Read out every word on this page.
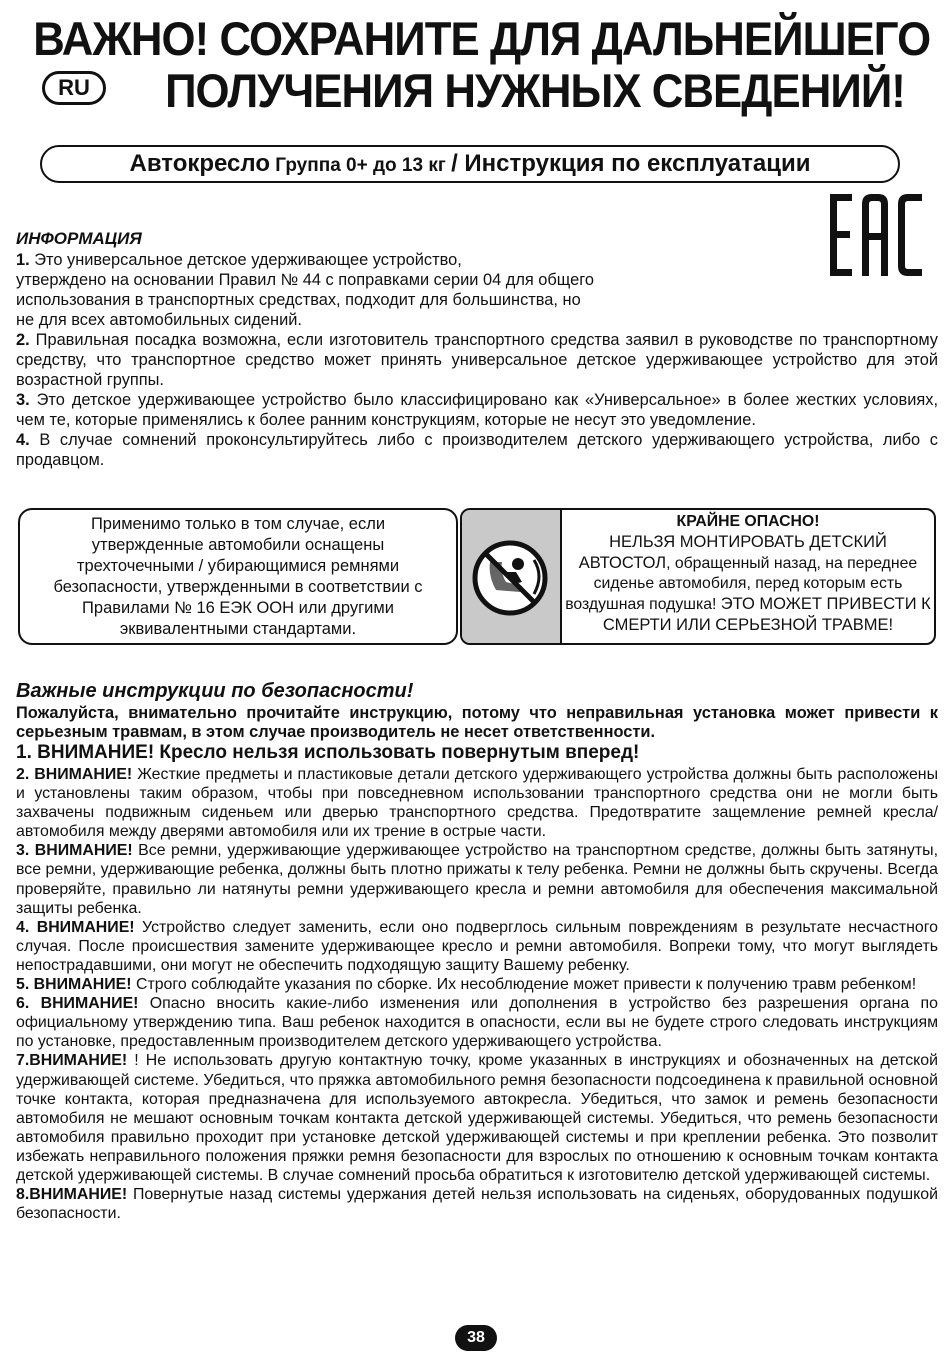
ВАЖНО! СОХРАНИТЕ ДЛЯ ДАЛЬНЕЙШЕГО
ПОЛУЧЕНИЯ НУЖНЫХ СВЕДЕНИЙ!
RU
Автокресло Группа 0+ до 13 кг / Инструкция по експлуатации
ИНФОРМАЦИЯ
1. Это универсальное детское удерживающее устройство,
утверждено на основании Правил № 44 с поправками серии 04 для общего использования в транспортных средствах, подходит для большинства, но не для всех автомобильных сидений.
2. Правильная посадка возможна, если изготовитель транспортного средства заявил в руководстве по транспортному средству, что транспортное средство может принять универсальное детское удерживающее устройство для этой возрастной группы.
3. Это детское удерживающее устройство было классифицировано как «Универсальное» в более жестких условиях, чем те, которые применялись к более ранним конструкциям, которые не несут это уведомление.
4. В случае сомнений проконсультируйтесь либо с производителем детского удерживающего устройства, либо с продавцом.
Применимо только в том случае, если утвержденные автомобили оснащены трехточечными / убирающимися ремнями безопасности, утвержденными в соответствии с Правилами № 16 ЕЭК ООН или другими эквивалентными стандартами.
КРАЙНЕ ОПАСНО!
НЕЛЬЗЯ МОНТИРОВАТЬ ДЕТСКИЙ АВТОСТОЛ, обращенный назад, на переднее сиденье автомобиля, перед которым есть воздушная подушка! ЭТО МОЖЕТ ПРИВЕСТИ К СМЕРТИ ИЛИ СЕРЬЕЗНОЙ ТРАВМЕ!
Важные инструкции по безопасности!
Пожалуйста, внимательно прочитайте инструкцию, потому что неправильная установка может привести к серьезным травмам, в этом случае производитель не несет ответственности.
1. ВНИМАНИЕ! Кресло нельзя использовать повернутым вперед!

2. ВНИМАНИЕ! Жесткие предметы и пластиковые детали детского удерживающего устройства должны быть расположены и установлены таким образом, чтобы при повседневном использовании транспортного средства они не могли быть захвачены подвижным сиденьем или дверью транспортного средства. Предотвратите защемление ремней кресла/автомобиля между дверями автомобиля или их трение в острые части.

3. ВНИМАНИЕ! Все ремни, удерживающие удерживающее устройство на транспортном средстве, должны быть затянуты, все ремни, удерживающие ребенка, должны быть плотно прижаты к телу ребенка. Ремни не должны быть скручены. Всегда проверяйте, правильно ли натянуты ремни удерживающего кресла и ремни автомобиля для обеспечения максимальной защиты ребенка.

4. ВНИМАНИЕ! Устройство следует заменить, если оно подверглось сильным повреждениям в результате несчастного случая. После происшествия замените удерживающее кресло и ремни автомобиля. Вопреки тому, что могут выглядеть непострадавшими, они могут не обеспечить подходящую защиту Вашему ребенку.

5. ВНИМАНИЕ! Строго соблюдайте указания по сборке. Их несоблюдение может привести к получению травм ребенком!

6. ВНИМАНИЕ! Опасно вносить какие-либо изменения или дополнения в устройство без разрешения органа по официальному утверждению типа. Ваш ребенок находится в опасности, если вы не будете строго следовать инструкциям по установке, предоставленным производителем детского удерживающего устройства.

7.ВНИМАНИЕ! ! Не использовать другую контактную точку, кроме указанных в инструкциях и обозначенных на детской удерживающей системе. Убедиться, что пряжка автомобильного ремня безопасности подсоединена к правильной основной точке контакта, которая предназначена для используемого автокресла. Убедиться, что замок и ремень безопасности автомобиля не мешают основным точкам контакта детской удерживающей системы. Убедиться, что ремень безопасности автомобиля правильно проходит при установке детской удерживающей системы и при креплении ребенка. Это позволит избежать неправильного положения пряжки ремня безопасности для взрослых по отношению к основным точкам контакта детской удерживающей системы. В случае сомнений просьба обратиться к изготовителю детской удерживающей системы.

8.ВНИМАНИЕ! Повернутые назад системы удержания детей нельзя использовать на сиденьях, оборудованных подушкой безопасности.

38
